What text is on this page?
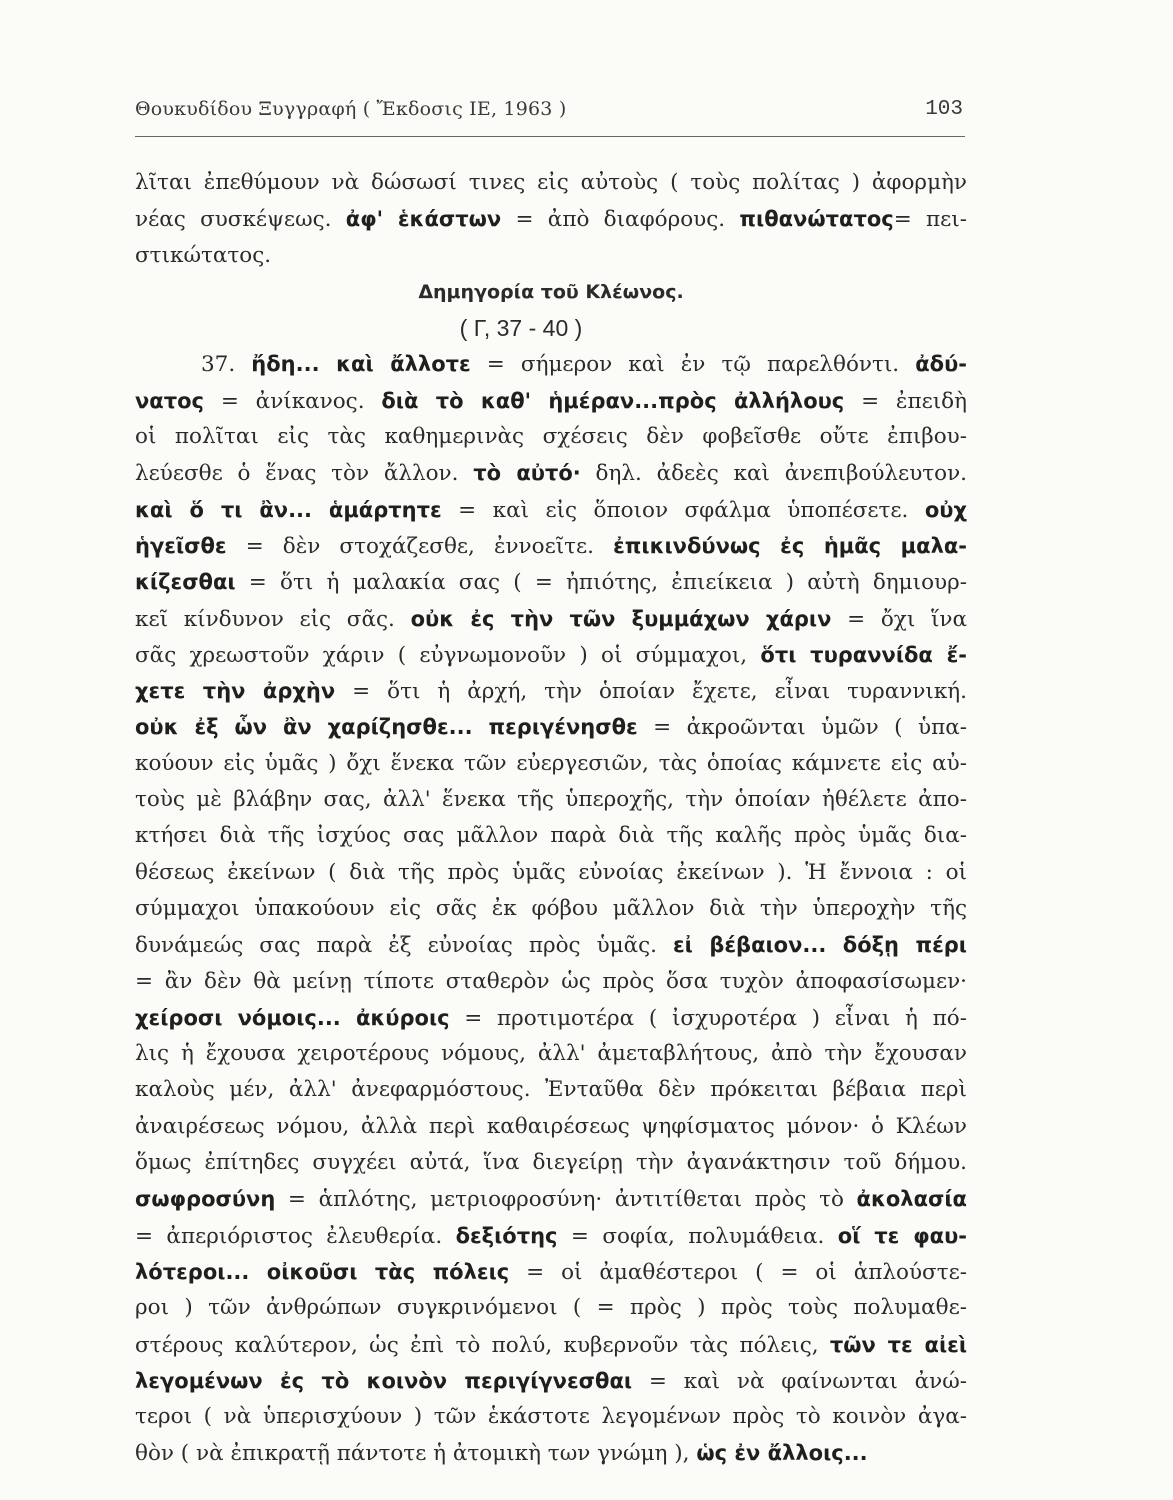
Θουκυδίδου Ξυγγραφή ( Ἔκδοσις ΙΕ, 1963 )	103
λῖται ἐπεθύμουν νὰ δώσωσί τινες εἰς αὐτοὺς ( τοὺς πολίτας ) ἀφορμὴν
νέας συσκέψεως. ἀφ' ἑκάστων = ἀπὸ διαφόρους. πιθανώτατος= πει-
στικώτατος.
Δημηγορία τοῦ Κλέωνος.
( Γ, 37 - 40 )
37. ἤδη... καὶ ἄλλοτε = σήμερον καὶ ἐν τῷ παρελθόντι. ἀδύ-
νατος = ἀνίκανος. διὰ τὸ καθ' ἡμέραν...πρὸς ἀλλήλους = ἐπειδὴ
οἱ πολῖται εἰς τὰς καθημερινὰς σχέσεις δὲν φοβεῖσθε οὔτε ἐπιβου-
λεύεσθε ὁ ἕνας τὸν ἄλλον. τὸ αὐτό· δηλ. ἀδεὲς καὶ ἀνεπιβούλευτον.
καὶ ὅ τι ἂν... ἁμάρτητε = καὶ εἰς ὅποιον σφάλμα ὑποπέσετε. οὐχ
ἡγεῖσθε = δὲν στοχάζεσθε, ἐννοεῖτε. ἐπικινδύνως ἐς ἡμᾶς μαλα-
κίζεσθαι = ὅτι ἡ μαλακία σας ( = ἠπιότης, ἐπιείκεια ) αὐτὴ δημιουρ-
κεῖ κίνδυνον εἰς σᾶς. οὐκ ἐς τὴν τῶν ξυμμάχων χάριν = ὄχι ἵνα
σᾶς χρεωστοῦν χάριν ( εὐγνωμονοῦν ) οἱ σύμμαχοι, ὅτι τυραννίδα ἔ-
χετε τὴν ἀρχὴν = ὅτι ἡ ἀρχή, τὴν ὁποίαν ἔχετε, εἶναι τυραννική.
οὐκ ἐξ ὧν ἂν χαρίζησθε... περιγένησθε = ἀκροῶνται ὑμῶν ( ὑπα-
κούουν εἰς ὑμᾶς ) ὄχι ἕνεκα τῶν εὐεργεσιῶν, τὰς ὁποίας κάμνετε εἰς αὐ-
τοὺς μὲ βλάβην σας, ἀλλ' ἕνεκα τῆς ὑπεροχῆς, τὴν ὁποίαν ἠθέλετε ἀπο-
κτήσει διὰ τῆς ἰσχύος σας μᾶλλον παρὰ διὰ τῆς καλῆς πρὸς ὑμᾶς δια-
θέσεως ἐκείνων ( διὰ τῆς πρὸς ὑμᾶς εὐνοίας ἐκείνων ). Ἡ ἔννοια : οἱ
σύμμαχοι ὑπακούουν εἰς σᾶς ἐκ φόβου μᾶλλον διὰ τὴν ὑπεροχὴν τῆς
δυνάμεώς σας παρὰ ἐξ εὐνοίας πρὸς ὑμᾶς. εἰ βέβαιον... δόξῃ πέρι
= ἂν δὲν θὰ μείνῃ τίποτε σταθερὸν ὡς πρὸς ὅσα τυχὸν ἀποφασίσωμεν·
χείροσι νόμοις... ἀκύροις = προτιμοτέρα ( ἰσχυροτέρα ) εἶναι ἡ πό-
λις ἡ ἔχουσα χειροτέρους νόμους, ἀλλ' ἀμεταβλήτους, ἀπὸ τὴν ἔχουσαν
καλοὺς μέν, ἀλλ' ἀνεφαρμόστους. Ἐνταῦθα δὲν πρόκειται βέβαια περὶ
ἀναιρέσεως νόμου, ἀλλὰ περὶ καθαιρέσεως ψηφίσματος μόνον· ὁ Κλέων
ὅμως ἐπίτηδες συγχέει αὐτά, ἵνα διεγείρῃ τὴν ἀγανάκτησιν τοῦ δήμου.
σωφροσύνη = ἁπλότης, μετριοφροσύνη· ἀντιτίθεται πρὸς τὸ ἀκολασία
= ἀπεριόριστος ἐλευθερία. δεξιότης = σοφία, πολυμάθεια. οἵ τε φαυ-
λότεροι... οἰκοῦσι τὰς πόλεις = οἱ ἀμαθέστεροι ( = οἱ ἁπλούστε-
ροι ) τῶν ἀνθρώπων συγκρινόμενοι ( = πρὸς ) πρὸς τοὺς πολυμαθε-
στέρους καλύτερον, ὡς ἐπὶ τὸ πολύ, κυβερνοῦν τὰς πόλεις, τῶν τε αἰεὶ
λεγομένων ἐς τὸ κοινὸν περιγίγνεσθαι = καὶ νὰ φαίνωνται ἀνώ-
τεροι ( νὰ ὑπερισχύουν ) τῶν ἑκάστοτε λεγομένων πρὸς τὸ κοινὸν ἀγα-
θὸν ( νὰ ἐπικρατῇ πάντοτε ἡ ἀτομικὴ των γνώμη ), ὡς ἐν ἄλλοις...
